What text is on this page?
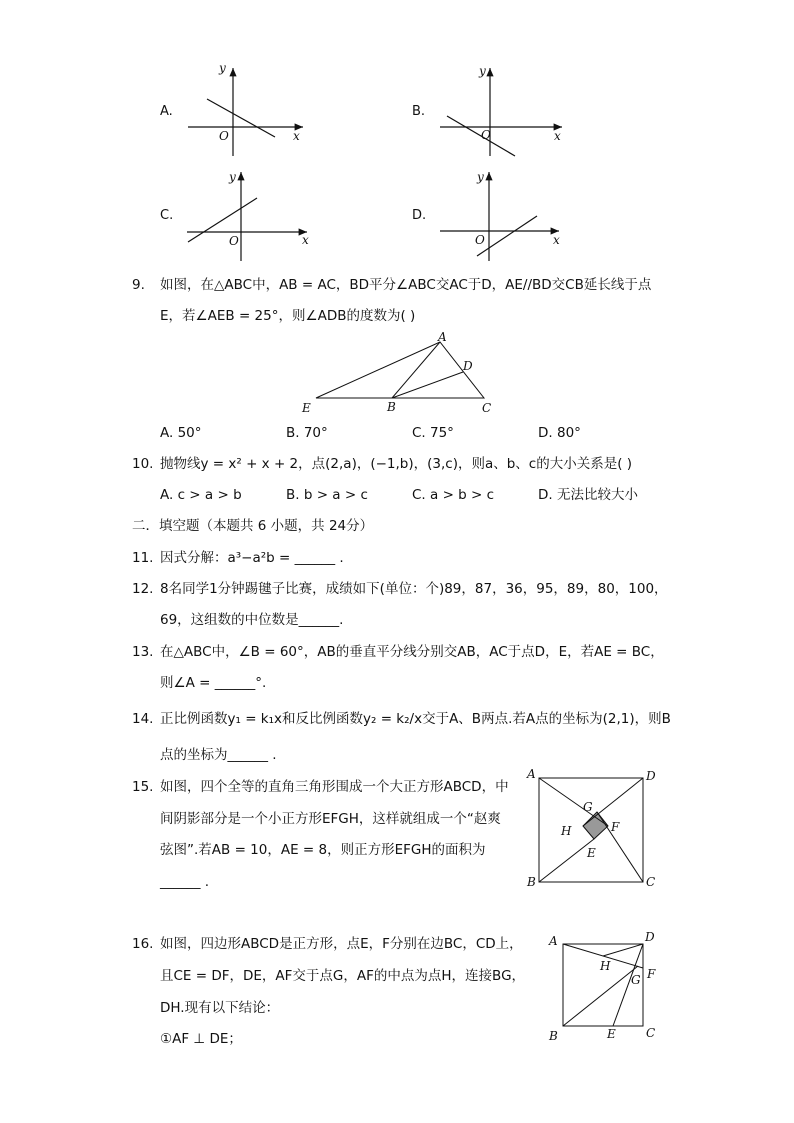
A.
y
x
O
B.
y
x
O
C.
y
x
O
D.
y
x
O
9. 如图，在△ABC中，AB = AC，BD平分∠ABC交AC于D，AE//BD交CB延长线于点
E，若∠AEB = 25°，则∠ADB的度数为( )
A
D
E	B	C
A. 50°	B. 70°	C. 75°	D. 80°
10. 抛物线y = x² + x + 2，点(2,a)，(−1,b)，(3,c)，则a、b、c的大小关系是( )
A. c > a > b	B. b > a > c	C. a > b > c	D. 无法比较大小
二．填空题（本题共 6 小题，共 24分）
11. 因式分解：a³−a²b = ______ .
12. 8名同学1分钟踢毽子比赛，成绩如下(单位：个)89，87，36，95，89，80，100，
69，这组数的中位数是______.
13. 在△ABC中，∠B = 60°，AB的垂直平分线分别交AB，AC于点D，E，若AE = BC，
则∠A = ______°.
14. 正比例函数y₁ = k₁x和反比例函数y₂ = k₂/x交于A、B两点.若A点的坐标为(2,1)，则B
点的坐标为______ .
15. 如图，四个全等的直角三角形围成一个大正方形ABCD，中
间阴影部分是一个小正方形EFGH，这样就组成一个“赵爽
弦图”.若AB = 10，AE = 8，则正方形EFGH的面积为
______ .
A	D
B	C
G
H	F
E
16. 如图，四边形ABCD是正方形，点E，F分别在边BC，CD上，
且CE = DF，DE，AF交于点G，AF的中点为点H，连接BG，
DH.现有以下结论：
①AF ⊥ DE；
A	D
H
F
G
B	E	C
